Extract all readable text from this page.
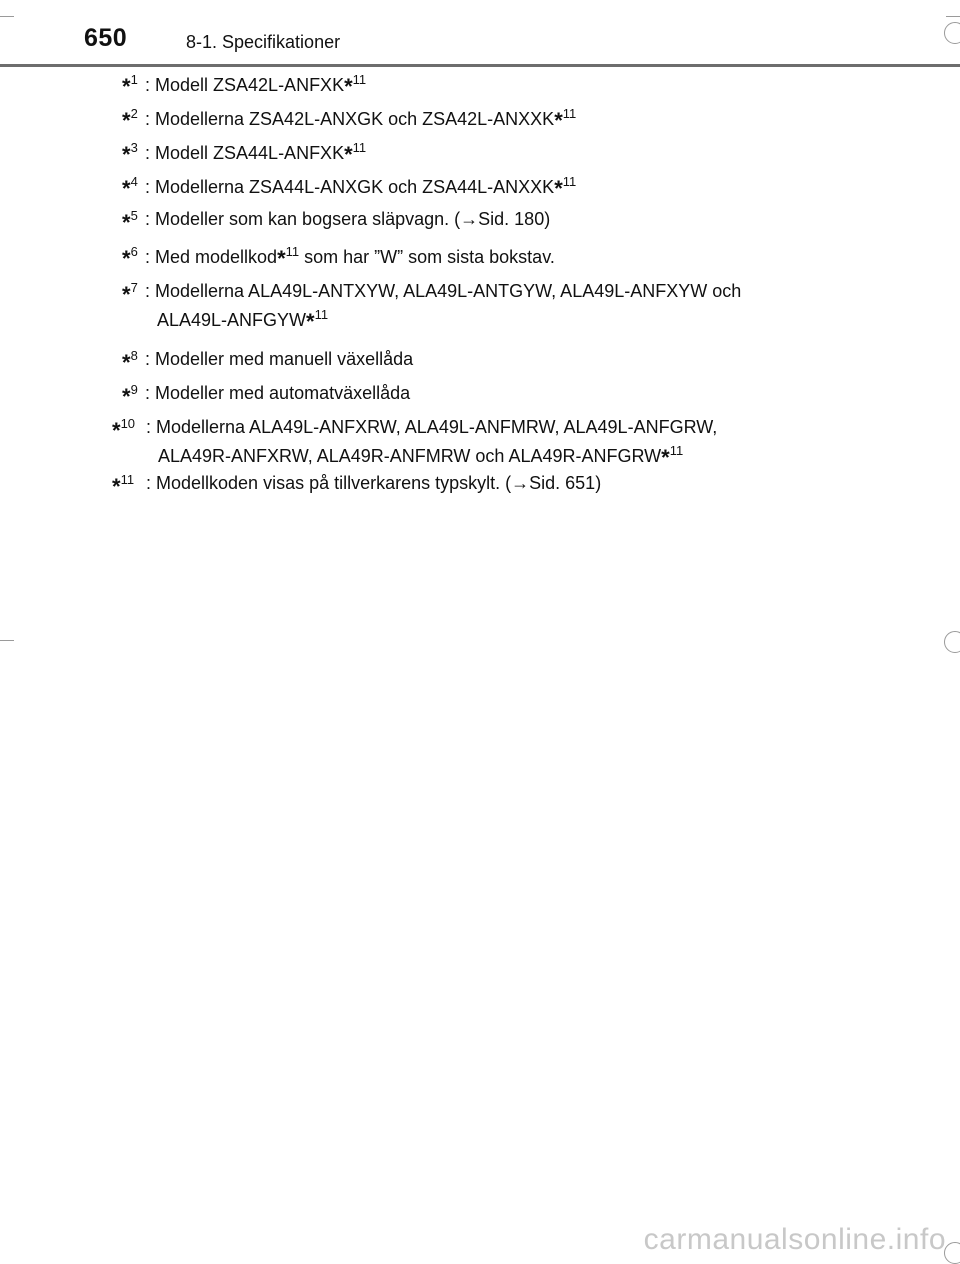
650	8-1. Specifikationer
*$^1$ : Modell ZSA42L-ANFXK*$^{11}$
*$^2$ : Modellerna ZSA42L-ANXGK och ZSA42L-ANXXK*$^{11}$
*$^3$ : Modell ZSA44L-ANFXK*$^{11}$
*$^4$ : Modellerna ZSA44L-ANXGK och ZSA44L-ANXXK*$^{11}$
*$^5$ : Modeller som kan bogsera släpvagn. (→Sid. 180)
*$^6$ : Med modellkod*$^{11}$ som har ”W” som sista bokstav.
*$^7$ : Modellerna ALA49L-ANTXYW, ALA49L-ANTGYW, ALA49L-ANFXYW och
ALA49L-ANFGYW*$^{11}$
*$^8$ : Modeller med manuell växellåda
*$^9$ : Modeller med automatväxellåda
*$^{10}$ : Modellerna ALA49L-ANFXRW, ALA49L-ANFMRW, ALA49L-ANFGRW,
ALA49R-ANFXRW, ALA49R-ANFMRW och ALA49R-ANFGRW*$^{11}$
*$^{11}$ : Modellkoden visas på tillverkarens typskylt. (→Sid. 651)
carmanualsonline.info
